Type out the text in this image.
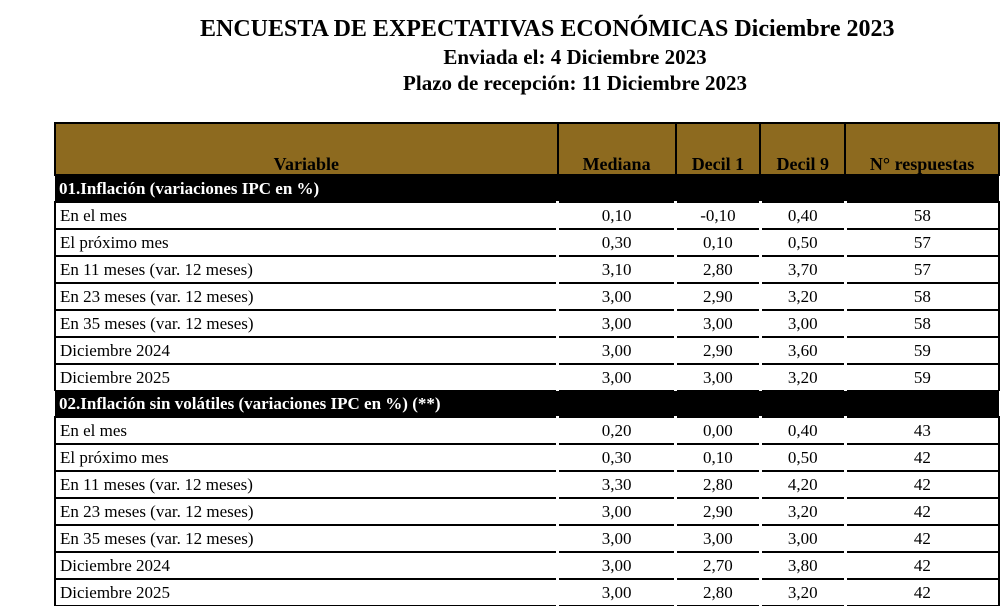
ENCUESTA DE EXPECTATIVAS ECONÓMICAS Diciembre 2023
Enviada el: 4 Diciembre 2023
Plazo de recepción: 11 Diciembre 2023
Variable	Mediana	Decil 1	Decil 9	N° respuestas
01.Inflación (variaciones IPC en %)				
En el mes	0,10	-0,10	0,40	58
El próximo mes	0,30	0,10	0,50	57
En 11 meses (var. 12 meses)	3,10	2,80	3,70	57
En 23 meses (var. 12 meses)	3,00	2,90	3,20	58
En 35 meses (var. 12 meses)	3,00	3,00	3,00	58
Diciembre 2024	3,00	2,90	3,60	59
Diciembre 2025	3,00	3,00	3,20	59
02.Inflación sin volátiles (variaciones IPC en %) (**)				
En el mes	0,20	0,00	0,40	43
El próximo mes	0,30	0,10	0,50	42
En 11 meses (var. 12 meses)	3,30	2,80	4,20	42
En 23 meses (var. 12 meses)	3,00	2,90	3,20	42
En 35 meses (var. 12 meses)	3,00	3,00	3,00	42
Diciembre 2024	3,00	2,70	3,80	42
Diciembre 2025	3,00	2,80	3,20	42
